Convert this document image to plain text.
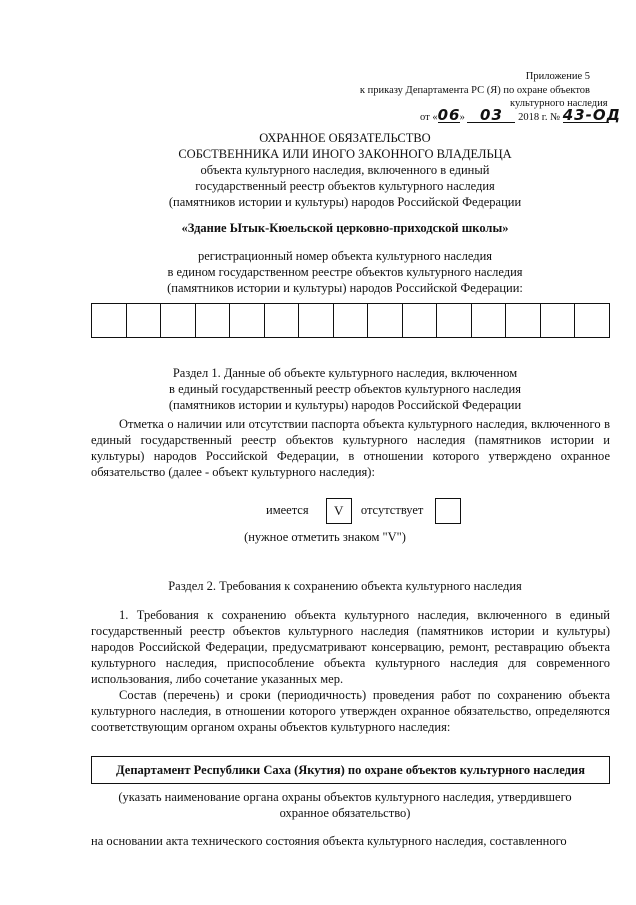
Приложение 5
к приказу Департамента РС (Я) по охране объектов
культурного наследия
от «06» 03 2018 г. № 43-ОД
ОХРАННОЕ ОБЯЗАТЕЛЬСТВО
СОБСТВЕННИКА ИЛИ ИНОГО ЗАКОННОГО ВЛАДЕЛЬЦА
объекта культурного наследия, включенного в единый
государственный реестр объектов культурного наследия
(памятников истории и культуры) народов Российской Федерации
«Здание Ытык-Кюельской церковно-приходской школы»
регистрационный номер объекта культурного наследия
в едином государственном реестре объектов культурного наследия
(памятников истории и культуры) народов Российской Федерации:
Раздел 1. Данные об объекте культурного наследия, включенном
в единый государственный реестр объектов культурного наследия
(памятников истории и культуры) народов Российской Федерации
Отметка о наличии или отсутствии паспорта объекта культурного наследия, включенного в единый государственный реестр объектов культурного наследия (памятников истории и культуры) народов Российской Федерации, в отношении которого утверждено охранное обязательство (далее - объект культурного наследия):
имеется V отсутствует
(нужное отметить знаком "V")
Раздел 2. Требования к сохранению объекта культурного наследия
1. Требования к сохранению объекта культурного наследия, включенного в единый государственный реестр объектов культурного наследия (памятников истории и культуры) народов Российской Федерации, предусматривают консервацию, ремонт, реставрацию объекта культурного наследия, приспособление объекта культурного наследия для современного использования, либо сочетание указанных мер.
Состав (перечень) и сроки (периодичность) проведения работ по сохранению объекта культурного наследия, в отношении которого утвержден охранное обязательство, определяются соответствующим органом охраны объектов культурного наследия:
Департамент Республики Саха (Якутия) по охране объектов культурного наследия
(указать наименование органа охраны объектов культурного наследия, утвердившего
охранное обязательство)
на основании акта технического состояния объекта культурного наследия, составленного
